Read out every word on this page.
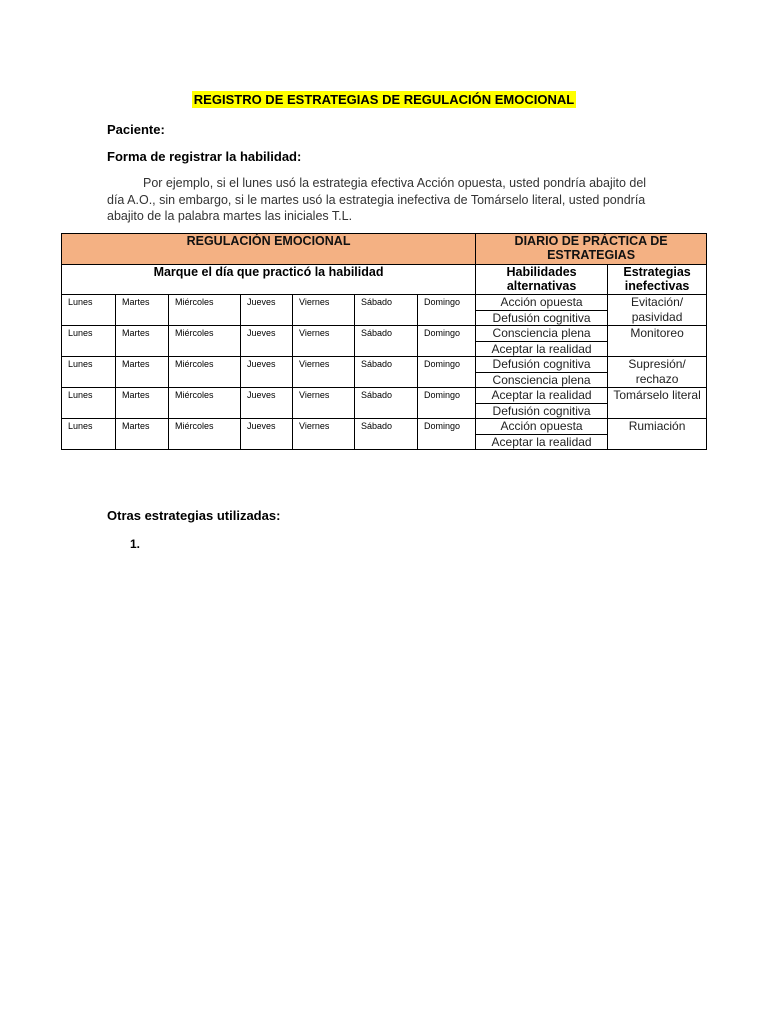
REGISTRO DE ESTRATEGIAS DE REGULACIÓN EMOCIONAL
Paciente:
Forma de registrar la habilidad:
Por ejemplo, si el lunes usó la estrategia efectiva Acción opuesta, usted pondría abajito del día A.O., sin embargo, si le martes usó la estrategia inefectiva de Tomárselo literal, usted pondría abajito de la palabra martes las iniciales T.L.
REGULACIÓN EMOCIONAL							DIARIO DE PRÁCTICA DE ESTRATEGIAS	
Marque el día que practicó la habilidad							Habilidades alternativas	Estrategias inefectivas
Lunes	Martes	Miércoles	Jueves	Viernes	Sábado	Domingo	Acción opuesta	Evitación/ pasividad
							Defusión cognitiva	
Lunes	Martes	Miércoles	Jueves	Viernes	Sábado	Domingo	Consciencia plena	Monitoreo
							Aceptar la realidad	
Lunes	Martes	Miércoles	Jueves	Viernes	Sábado	Domingo	Defusión cognitiva	Supresión/ rechazo
							Consciencia plena	
Lunes	Martes	Miércoles	Jueves	Viernes	Sábado	Domingo	Aceptar la realidad	Tomárselo literal
							Defusión cognitiva	
Lunes	Martes	Miércoles	Jueves	Viernes	Sábado	Domingo	Acción opuesta	Rumiación
							Aceptar la realidad	
Otras estrategias utilizadas:
1.
